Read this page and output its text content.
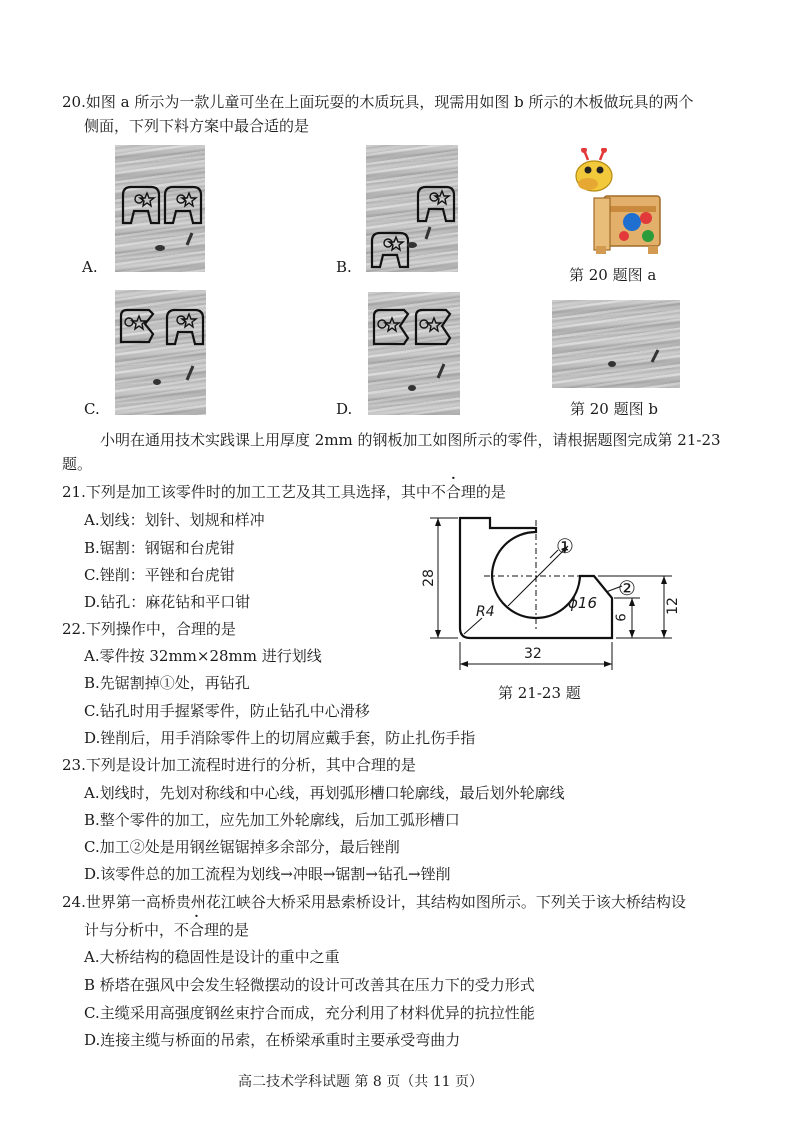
20.如图 a 所示为一款儿童可坐在上面玩耍的木质玩具，现需用如图 b 所示的木板做玩具的两个
侧面，下列下料方案中最合适的是
A.	B.	第 20 题图 a
C.	D.	第 20 题图 b
小明在通用技术实践课上用厚度 2mm 的钢板加工如图所示的零件，请根据题图完成第 21-23
题。
21.下列是加工该零件时的加工工艺及其工具选择，其中不合理的是
A.划线：划针、划规和样冲
B.锯割：钢锯和台虎钳
C.锉削：平锉和台虎钳
D.钻孔：麻花钻和平口钳
22.下列操作中，合理的是
A.零件按 32mm×28mm 进行划线
B.先锯割掉①处，再钻孔
C.钻孔时用手握紧零件，防止钻孔中心滑移
D.锉削后，用手消除零件上的切屑应戴手套，防止扎伤手指
28
32
12
6
R4	ϕ16
①
②
第 21-23 题
23.下列是设计加工流程时进行的分析，其中合理的是
A.划线时，先划对称线和中心线，再划弧形槽口轮廓线，最后划外轮廓线
B.整个零件的加工，应先加工外轮廓线，后加工弧形槽口
C.加工②处是用钢丝锯锯掉多余部分，最后锉削
D.该零件总的加工流程为划线→冲眼→锯割→钻孔→锉削
24.世界第一高桥贵州花江峡谷大桥采用悬索桥设计，其结构如图所示。下列关于该大桥结构设
计与分析中，不合理的是
A.大桥结构的稳固性是设计的重中之重
B 桥塔在强风中会发生轻微摆动的设计可改善其在压力下的受力形式
C.主缆采用高强度钢丝束拧合而成，充分利用了材料优异的抗拉性能
D.连接主缆与桥面的吊索，在桥梁承重时主要承受弯曲力
高二技术学科试题 第 8 页（共 11 页）
